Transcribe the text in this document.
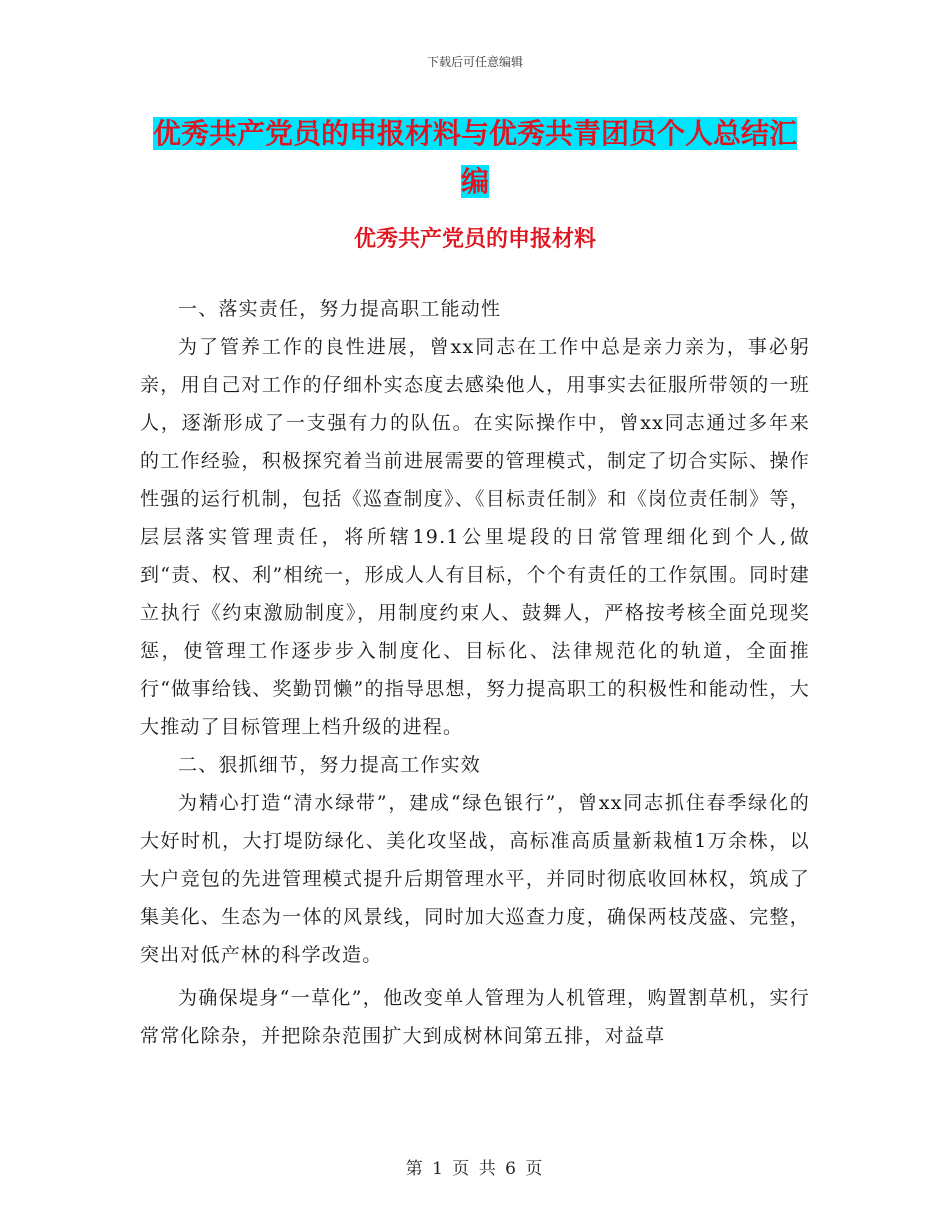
下载后可任意编辑
优秀共产党员的申报材料与优秀共青团员个人总结汇编
优秀共产党员的申报材料

一、落实责任，努力提高职工能动性

为了管养工作的良性进展，曾xx同志在工作中总是亲力亲为，事必躬亲，用自己对工作的仔细朴实态度去感染他人，用事实去征服所带领的一班人，逐渐形成了一支强有力的队伍。在实际操作中，曾xx同志通过多年来的工作经验，积极探究着当前进展需要的管理模式，制定了切合实际、操作性强的运行机制，包括《巡查制度》、《目标责任制》和《岗位责任制》等，层层落实管理责任，将所辖19.1公里堤段的日常管理细化到个人,做到“责、权、利”相统一，形成人人有目标，个个有责任的工作氛围。同时建立执行《约束激励制度》，用制度约束人、鼓舞人，严格按考核全面兑现奖惩，使管理工作逐步步入制度化、目标化、法律规范化的轨道，全面推行“做事给钱、奖勤罚懒”的指导思想，努力提高职工的积极性和能动性，大大推动了目标管理上档升级的进程。

二、狠抓细节，努力提高工作实效

为精心打造“清水绿带”，建成“绿色银行”，曾xx同志抓住春季绿化的大好时机，大打堤防绿化、美化攻坚战，高标准高质量新栽植1万余株，以大户竞包的先进管理模式提升后期管理水平，并同时彻底收回林权，筑成了集美化、生态为一体的风景线，同时加大巡查力度，确保两枝茂盛、完整，突出对低产林的科学改造。

为确保堤身“一草化”，他改变单人管理为人机管理，购置割草机，实行常常化除杂，并把除杂范围扩大到成树林间第五排，对益草

第 1 页 共 6 页
